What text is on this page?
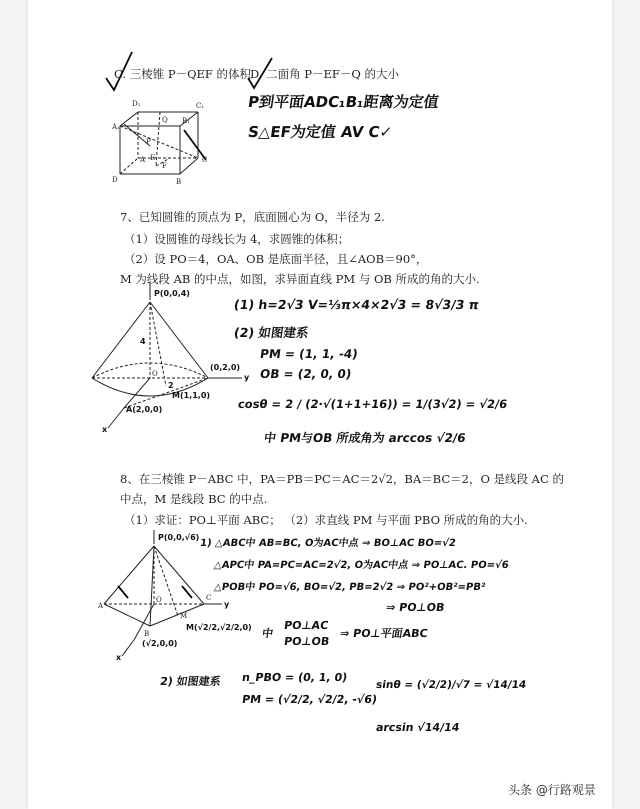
C. 三棱锥 P－QEF 的体积
D. 二面角 P－EF－Q 的大小
D₁
A₁
C₁
B₁
Q
A E
F
P
C
D	B
P到平面ADC₁B₁距离为定值
S△EF为定值 AV C✓
7、已知圆锥的顶点为 P，底面圆心为 O，半径为 2.
（1）设圆锥的母线长为 4，求圆锥的体积；
（2）设 PO＝4，OA、OB 是底面半径，且∠AOB＝90°，
M 为线段 AB 的中点，如图，求异面直线 PM 与 OB 所成的角的大小.
P(0,0,4)
4
O
2
M(1,1,0)
(0,2,0)
y
A(2,0,0)
x
(1) h=2√3 V=⅓π×4×2√3 = 8√3/3 π
(2) 如图建系
PM = (1, 1, -4)
OB = (2, 0, 0)
cosθ = 2 / (2·√(1+1+16)) = 1/(3√2) = √2/6
中 PM与OB 所成角为 arccos √2/6
8、在三棱锥 P－ABC 中，PA＝PB＝PC＝AC＝2√2，BA＝BC＝2，O 是线段 AC 的
中点，M 是线段 BC 的中点.
（1）求证：PO⊥平面 ABC； （2）求直线 PM 与平面 PBO 所成的角的大小.
P(0,0,√6)
A
O	C
B
M
M(√2/2,√2/2,0)
(√2,0,0)
y
x
1) △ABC中 AB=BC, O为AC中点 ⇒ BO⊥AC BO=√2
△APC中 PA=PC=AC=2√2, O为AC中点 ⇒ PO⊥AC. PO=√6
△POB中 PO=√6, BO=√2, PB=2√2 ⇒ PO²+OB²=PB²
⇒ PO⊥OB
中
PO⊥AC
PO⊥OB
⇒ PO⊥平面ABC
2) 如图建系 n_PBO = (0, 1, 0)
PM = (√2/2, √2/2, -√6)
sinθ = (√2/2)/√7 = √14/14
arcsin √14/14
头条 @行路观景
